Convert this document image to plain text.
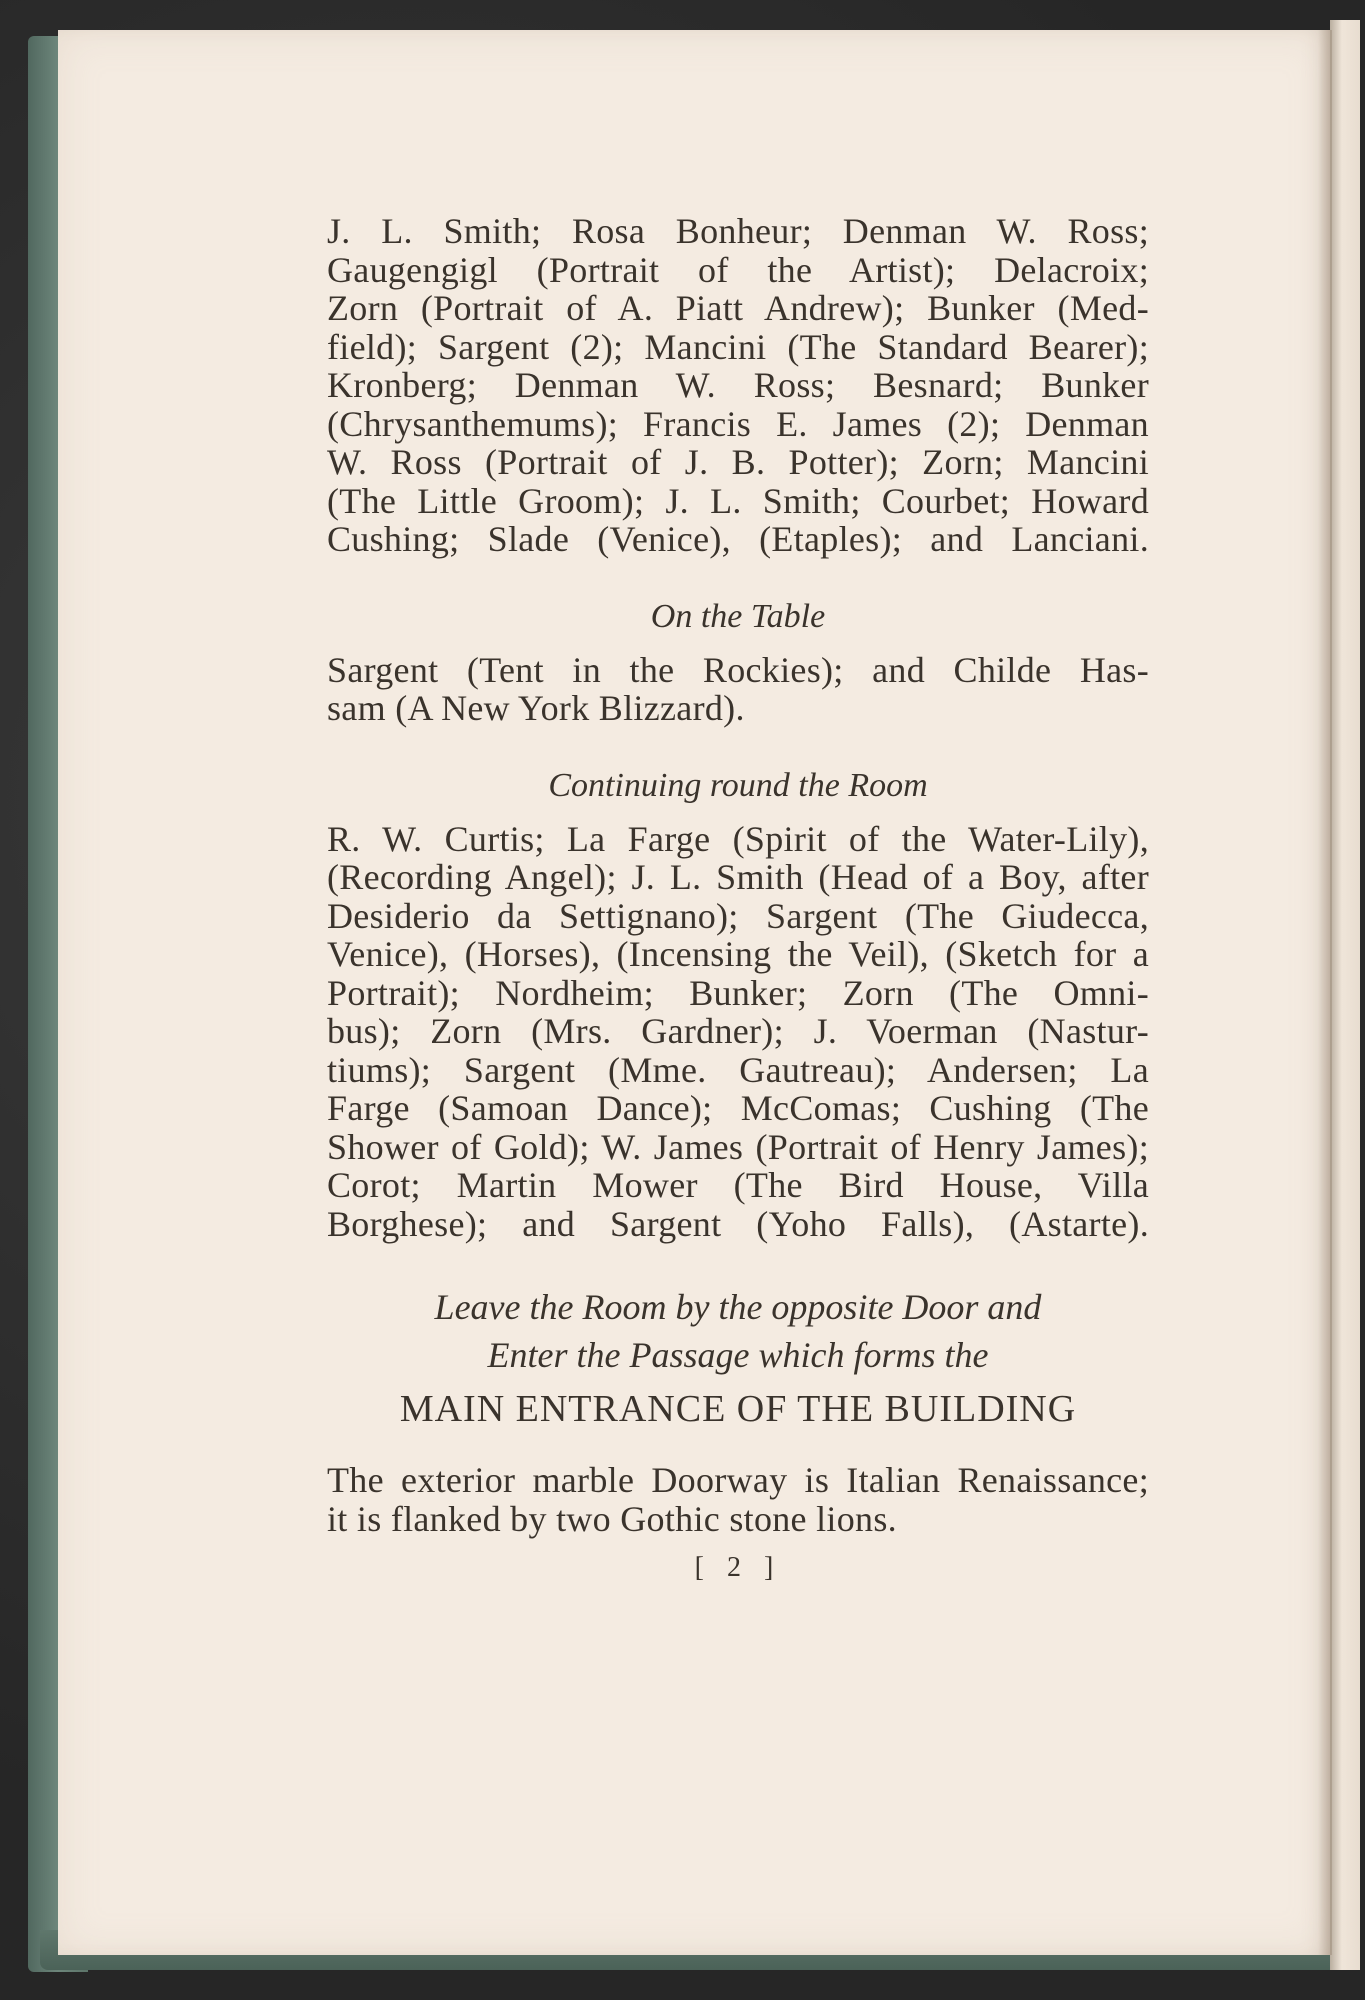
J. L. Smith; Rosa Bonheur; Denman W. Ross;

Gaugengigl (Portrait of the Artist); Delacroix;

Zorn (Portrait of A. Piatt Andrew); Bunker (Med-

field); Sargent (2); Mancini (The Standard Bearer);

Kronberg; Denman W. Ross; Besnard; Bunker

(Chrysanthemums); Francis E. James (2); Denman

W. Ross (Portrait of J. B. Potter); Zorn; Mancini

(The Little Groom); J. L. Smith; Courbet; Howard

Cushing; Slade (Venice), (Etaples); and Lanciani.

On the Table

Sargent (Tent in the Rockies); and Childe Has-

sam (A New York Blizzard).

Continuing round the Room

R. W. Curtis; La Farge (Spirit of the Water-Lily),

(Recording Angel); J. L. Smith (Head of a Boy, after

Desiderio da Settignano); Sargent (The Giudecca,

Venice), (Horses), (Incensing the Veil), (Sketch for a

Portrait); Nordheim; Bunker; Zorn (The Omni-

bus); Zorn (Mrs. Gardner); J. Voerman (Nastur-

tiums); Sargent (Mme. Gautreau); Andersen; La

Farge (Samoan Dance); McComas; Cushing (The

Shower of Gold); W. James (Portrait of Henry James);

Corot; Martin Mower (The Bird House, Villa

Borghese); and Sargent (Yoho Falls), (Astarte).

Leave the Room by the opposite Door and

Enter the Passage which forms the

MAIN ENTRANCE OF THE BUILDING

The exterior marble Doorway is Italian Renaissance;

it is flanked by two Gothic stone lions.

[ 2 ]
